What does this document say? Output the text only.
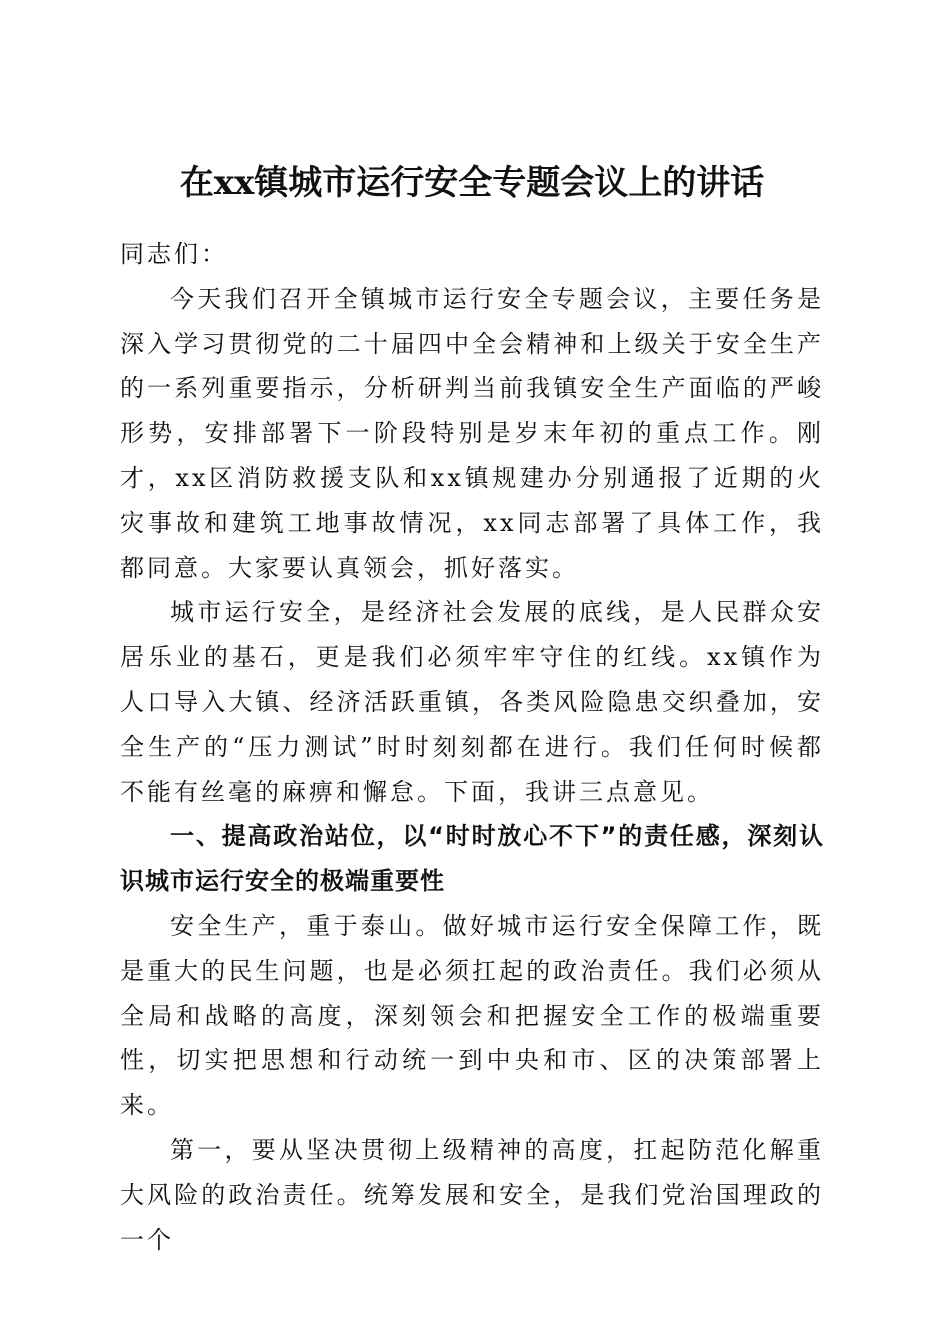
在xx镇城市运行安全专题会议上的讲话

同志们：

今天我们召开全镇城市运行安全专题会议，主要任务是深入学习贯彻党的二十届四中全会精神和上级关于安全生产的一系列重要指示，分析研判当前我镇安全生产面临的严峻形势，安排部署下一阶段特别是岁末年初的重点工作。刚才，xx区消防救援支队和xx镇规建办分别通报了近期的火灾事故和建筑工地事故情况，xx同志部署了具体工作，我都同意。大家要认真领会，抓好落实。

城市运行安全，是经济社会发展的底线，是人民群众安居乐业的基石，更是我们必须牢牢守住的红线。xx镇作为人口导入大镇、经济活跃重镇，各类风险隐患交织叠加，安全生产的“压力测试”时时刻刻都在进行。我们任何时候都不能有丝毫的麻痹和懈怠。下面，我讲三点意见。

一、提高政治站位，以“时时放心不下”的责任感，深刻认识城市运行安全的极端重要性

安全生产，重于泰山。做好城市运行安全保障工作，既是重大的民生问题，也是必须扛起的政治责任。我们必须从全局和战略的高度，深刻领会和把握安全工作的极端重要性，切实把思想和行动统一到中央和市、区的决策部署上来。

第一，要从坚决贯彻上级精神的高度，扛起防范化解重大风险的政治责任。统筹发展和安全，是我们党治国理政的一个
